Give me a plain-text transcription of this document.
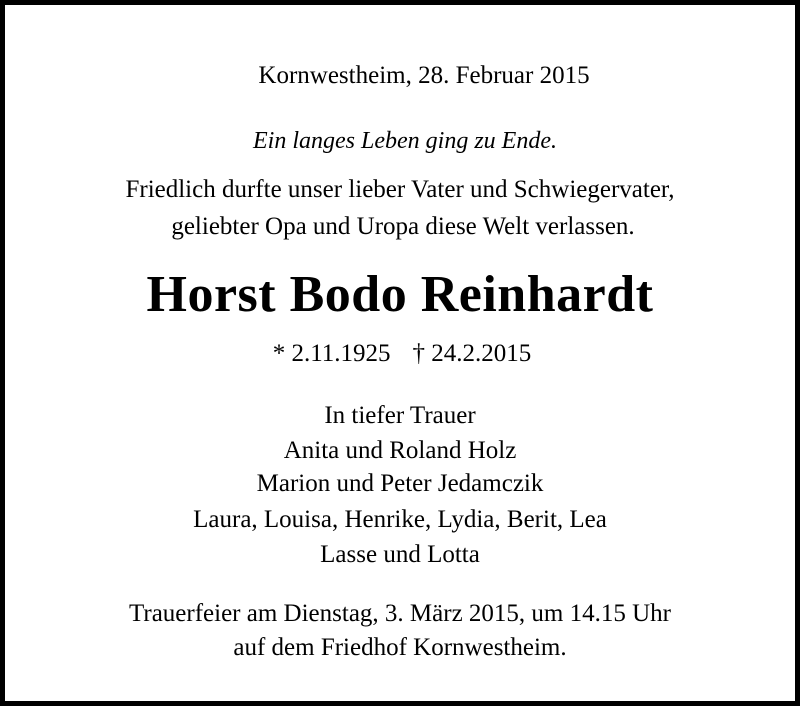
Kornwestheim, 28. Februar 2015
Ein langes Leben ging zu Ende.
Friedlich durfte unser lieber Vater und Schwiegervater,
geliebter Opa und Uropa diese Welt verlassen.
Horst Bodo Reinhardt
* 2.11.1925 † 24.2.2015
In tiefer Trauer
Anita und Roland Holz
Marion und Peter Jedamczik
Laura, Louisa, Henrike, Lydia, Berit, Lea
Lasse und Lotta
Trauerfeier am Dienstag, 3. März 2015, um 14.15 Uhr
auf dem Friedhof Kornwestheim.
